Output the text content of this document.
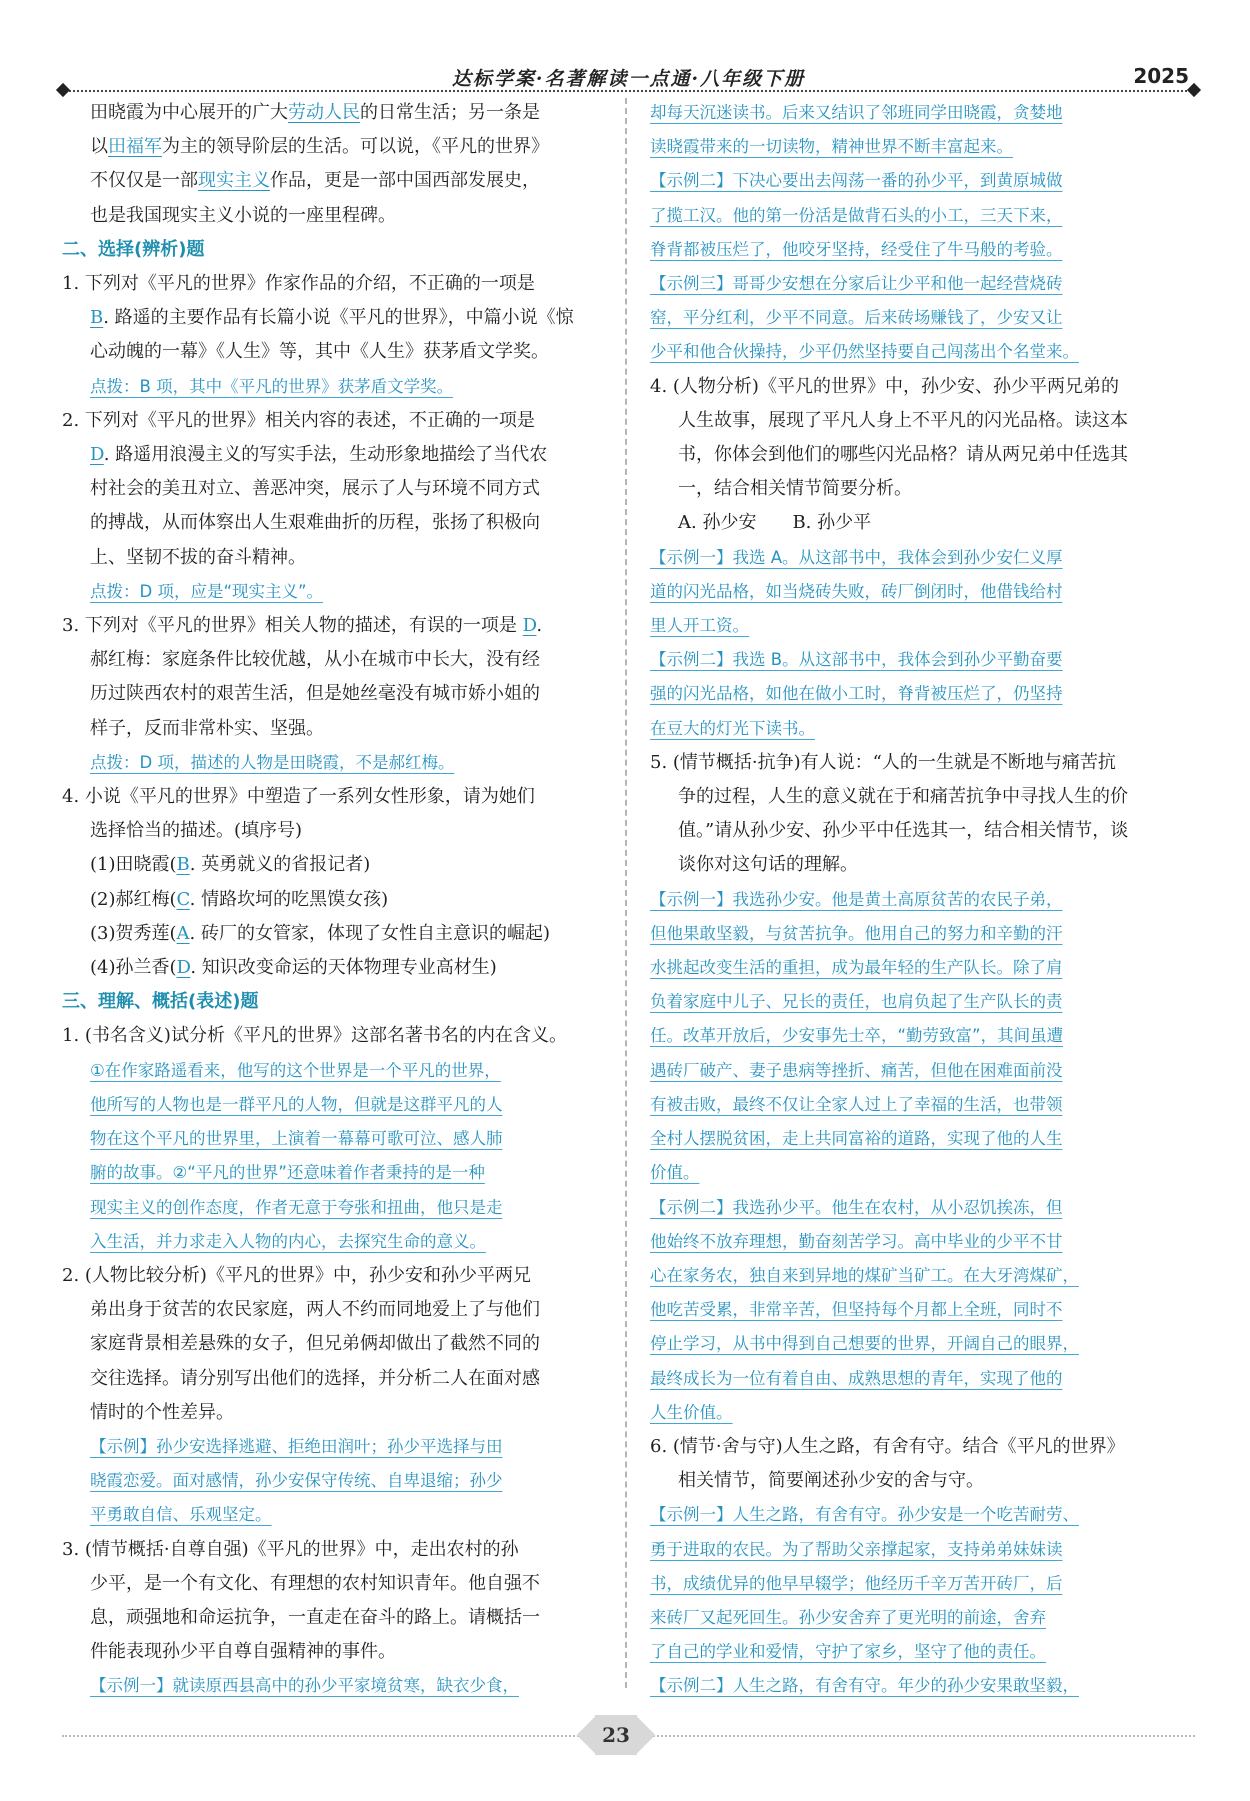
达标学案·名著解读一点通·八年级下册	2025

田晓霞为中心展开的广大劳动人民的日常生活；另一条是

以田福军为主的领导阶层的生活。可以说，《平凡的世界》

不仅仅是一部现实主义作品，更是一部中国西部发展史，

也是我国现实主义小说的一座里程碑。

二、选择(辨析)题

1. 下列对《平凡的世界》作家作品的介绍，不正确的一项是

B. 路遥的主要作品有长篇小说《平凡的世界》，中篇小说《惊

心动魄的一幕》《人生》等，其中《人生》获茅盾文学奖。

点拨：B 项，其中《平凡的世界》获茅盾文学奖。

2. 下列对《平凡的世界》相关内容的表述，不正确的一项是

D. 路遥用浪漫主义的写实手法，生动形象地描绘了当代农

村社会的美丑对立、善恶冲突，展示了人与环境不同方式

的搏战，从而体察出人生艰难曲折的历程，张扬了积极向

上、坚韧不拔的奋斗精神。

点拨：D 项，应是“现实主义”。

3. 下列对《平凡的世界》相关人物的描述，有误的一项是 D.

郝红梅：家庭条件比较优越，从小在城市中长大，没有经

历过陕西农村的艰苦生活，但是她丝毫没有城市娇小姐的

样子，反而非常朴实、坚强。

点拨：D 项，描述的人物是田晓霞，不是郝红梅。

4. 小说《平凡的世界》中塑造了一系列女性形象，请为她们

选择恰当的描述。(填序号)

(1)田晓霞(B. 英勇就义的省报记者)

(2)郝红梅(C. 情路坎坷的吃黑馍女孩)

(3)贺秀莲(A. 砖厂的女管家，体现了女性自主意识的崛起)

(4)孙兰香(D. 知识改变命运的天体物理专业高材生)

三、理解、概括(表述)题

1. (书名含义)试分析《平凡的世界》这部名著书名的内在含义。

①在作家路遥看来，他写的这个世界是一个平凡的世界，

他所写的人物也是一群平凡的人物，但就是这群平凡的人

物在这个平凡的世界里，上演着一幕幕可歌可泣、感人肺

腑的故事。②“平凡的世界”还意味着作者秉持的是一种

现实主义的创作态度，作者无意于夸张和扭曲，他只是走

入生活，并力求走入人物的内心，去探究生命的意义。

2. (人物比较分析)《平凡的世界》中，孙少安和孙少平两兄

弟出身于贫苦的农民家庭，两人不约而同地爱上了与他们

家庭背景相差悬殊的女子，但兄弟俩却做出了截然不同的

交往选择。请分别写出他们的选择，并分析二人在面对感

情时的个性差异。

【示例】孙少安选择逃避、拒绝田润叶；孙少平选择与田

晓霞恋爱。面对感情，孙少安保守传统、自卑退缩；孙少

平勇敢自信、乐观坚定。

3. (情节概括·自尊自强)《平凡的世界》中，走出农村的孙

少平，是一个有文化、有理想的农村知识青年。他自强不

息，顽强地和命运抗争，一直走在奋斗的路上。请概括一

件能表现孙少平自尊自强精神的事件。

【示例一】就读原西县高中的孙少平家境贫寒，缺衣少食，

却每天沉迷读书。后来又结识了邻班同学田晓霞，贪婪地

读晓霞带来的一切读物，精神世界不断丰富起来。

【示例二】下决心要出去闯荡一番的孙少平，到黄原城做

了揽工汉。他的第一份活是做背石头的小工，三天下来，

脊背都被压烂了，他咬牙坚持，经受住了牛马般的考验。

【示例三】哥哥少安想在分家后让少平和他一起经营烧砖

窑，平分红利，少平不同意。后来砖场赚钱了，少安又让

少平和他合伙操持，少平仍然坚持要自己闯荡出个名堂来。

4. (人物分析)《平凡的世界》中，孙少安、孙少平两兄弟的

人生故事，展现了平凡人身上不平凡的闪光品格。读这本

书，你体会到他们的哪些闪光品格？请从两兄弟中任选其

一，结合相关情节简要分析。

A. 孙少安　　B. 孙少平

【示例一】我选 A。从这部书中，我体会到孙少安仁义厚

道的闪光品格，如当烧砖失败，砖厂倒闭时，他借钱给村

里人开工资。

【示例二】我选 B。从这部书中，我体会到孙少平勤奋要

强的闪光品格，如他在做小工时，脊背被压烂了，仍坚持

在豆大的灯光下读书。

5. (情节概括·抗争)有人说：“人的一生就是不断地与痛苦抗

争的过程，人生的意义就在于和痛苦抗争中寻找人生的价

值。”请从孙少安、孙少平中任选其一，结合相关情节，谈

谈你对这句话的理解。

【示例一】我选孙少安。他是黄土高原贫苦的农民子弟，

但他果敢坚毅，与贫苦抗争。他用自己的努力和辛勤的汗

水挑起改变生活的重担，成为最年轻的生产队长。除了肩

负着家庭中儿子、兄长的责任，也肩负起了生产队长的责

任。改革开放后，少安事先士卒，“勤劳致富”，其间虽遭

遇砖厂破产、妻子患病等挫折、痛苦，但他在困难面前没

有被击败，最终不仅让全家人过上了幸福的生活，也带领

全村人摆脱贫困，走上共同富裕的道路，实现了他的人生

价值。

【示例二】我选孙少平。他生在农村，从小忍饥挨冻，但

他始终不放弃理想，勤奋刻苦学习。高中毕业的少平不甘

心在家务农，独自来到异地的煤矿当矿工。在大牙湾煤矿，

他吃苦受累，非常辛苦，但坚持每个月都上全班，同时不

停止学习，从书中得到自己想要的世界，开阔自己的眼界，

最终成长为一位有着自由、成熟思想的青年，实现了他的

人生价值。

6. (情节·舍与守)人生之路，有舍有守。结合《平凡的世界》

相关情节，简要阐述孙少安的舍与守。

【示例一】人生之路，有舍有守。孙少安是一个吃苦耐劳、

勇于进取的农民。为了帮助父亲撑起家，支持弟弟妹妹读

书，成绩优异的他早早辍学；他经历千辛万苦开砖厂，后

来砖厂又起死回生。孙少安舍弃了更光明的前途，舍弃

了自己的学业和爱情，守护了家乡，坚守了他的责任。

【示例二】人生之路，有舍有守。年少的孙少安果敢坚毅，

23
